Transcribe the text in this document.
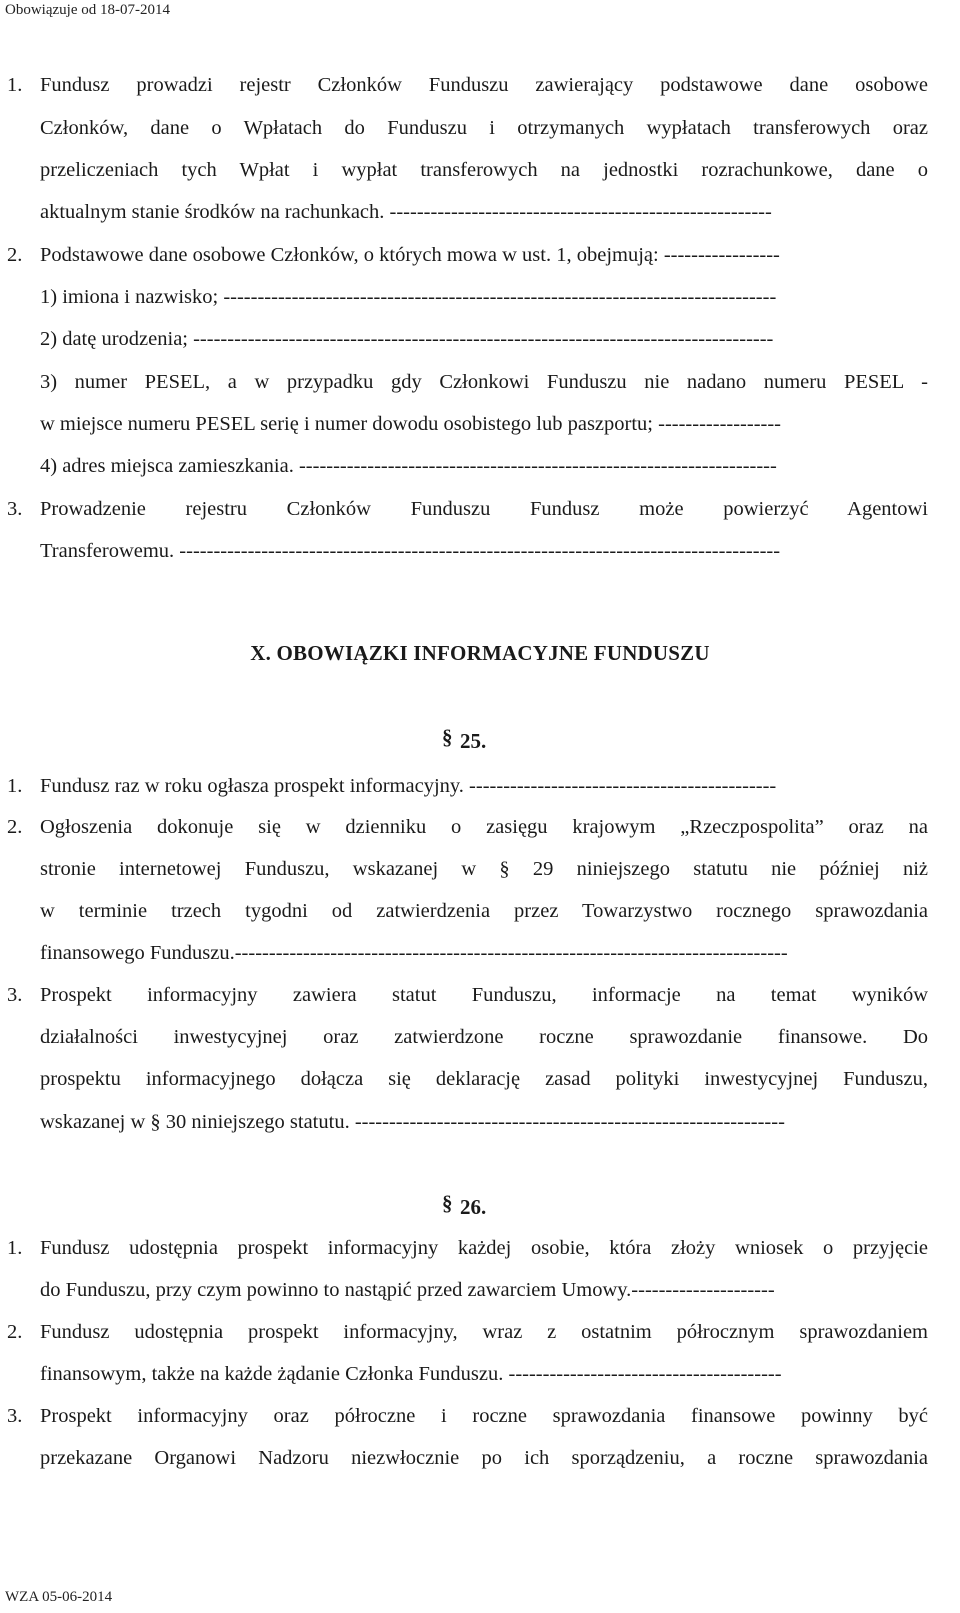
Obowiązuje od 18-07-2014
1. Fundusz prowadzi rejestr Członków Funduszu zawierający podstawowe dane osobowe
Członków, dane o Wpłatach do Funduszu i otrzymanych wypłatach transferowych oraz
przeliczeniach tych Wpłat i wypłat transferowych na jednostki rozrachunkowe, dane o
aktualnym stanie środków na rachunkach. --------------------------------------------------------
2. Podstawowe dane osobowe Członków, o których mowa w ust. 1, obejmują: -----------------
1) imiona i nazwisko; ---------------------------------------------------------------------------------
2) datę urodzenia; -------------------------------------------------------------------------------------
3) numer PESEL, a w przypadku gdy Członkowi Funduszu nie nadano numeru PESEL -
w miejsce numeru PESEL serię i numer dowodu osobistego lub paszportu; ------------------
4) adres miejsca zamieszkania. ----------------------------------------------------------------------
3. Prowadzenie rejestru Członków Funduszu Fundusz może powierzyć Agentowi
Transferowemu. ----------------------------------------------------------------------------------------
X. OBOWIĄZKI INFORMACYJNE FUNDUSZU
§ 25.
1. Fundusz raz w roku ogłasza prospekt informacyjny. ---------------------------------------------
2. Ogłoszenia dokonuje się w dzienniku o zasięgu krajowym „Rzeczpospolita” oraz na
stronie internetowej Funduszu, wskazanej w § 29 niniejszego statutu nie później niż
w terminie trzech tygodni od zatwierdzenia przez Towarzystwo rocznego sprawozdania
finansowego Funduszu.---------------------------------------------------------------------------------
3. Prospekt informacyjny zawiera statut Funduszu, informacje na temat wyników
działalności inwestycyjnej oraz zatwierdzone roczne sprawozdanie finansowe. Do
prospektu informacyjnego dołącza się deklarację zasad polityki inwestycyjnej Funduszu,
wskazanej w § 30 niniejszego statutu. ---------------------------------------------------------------
§ 26.
1. Fundusz udostępnia prospekt informacyjny każdej osobie, która złoży wniosek o przyjęcie
do Funduszu, przy czym powinno to nastąpić przed zawarciem Umowy.---------------------
2. Fundusz udostępnia prospekt informacyjny, wraz z ostatnim półrocznym sprawozdaniem
finansowym, także na każde żądanie Członka Funduszu. ----------------------------------------
3. Prospekt informacyjny oraz półroczne i roczne sprawozdania finansowe powinny być
przekazane Organowi Nadzoru niezwłocznie po ich sporządzeniu, a roczne sprawozdania
WZA 05-06-2014
